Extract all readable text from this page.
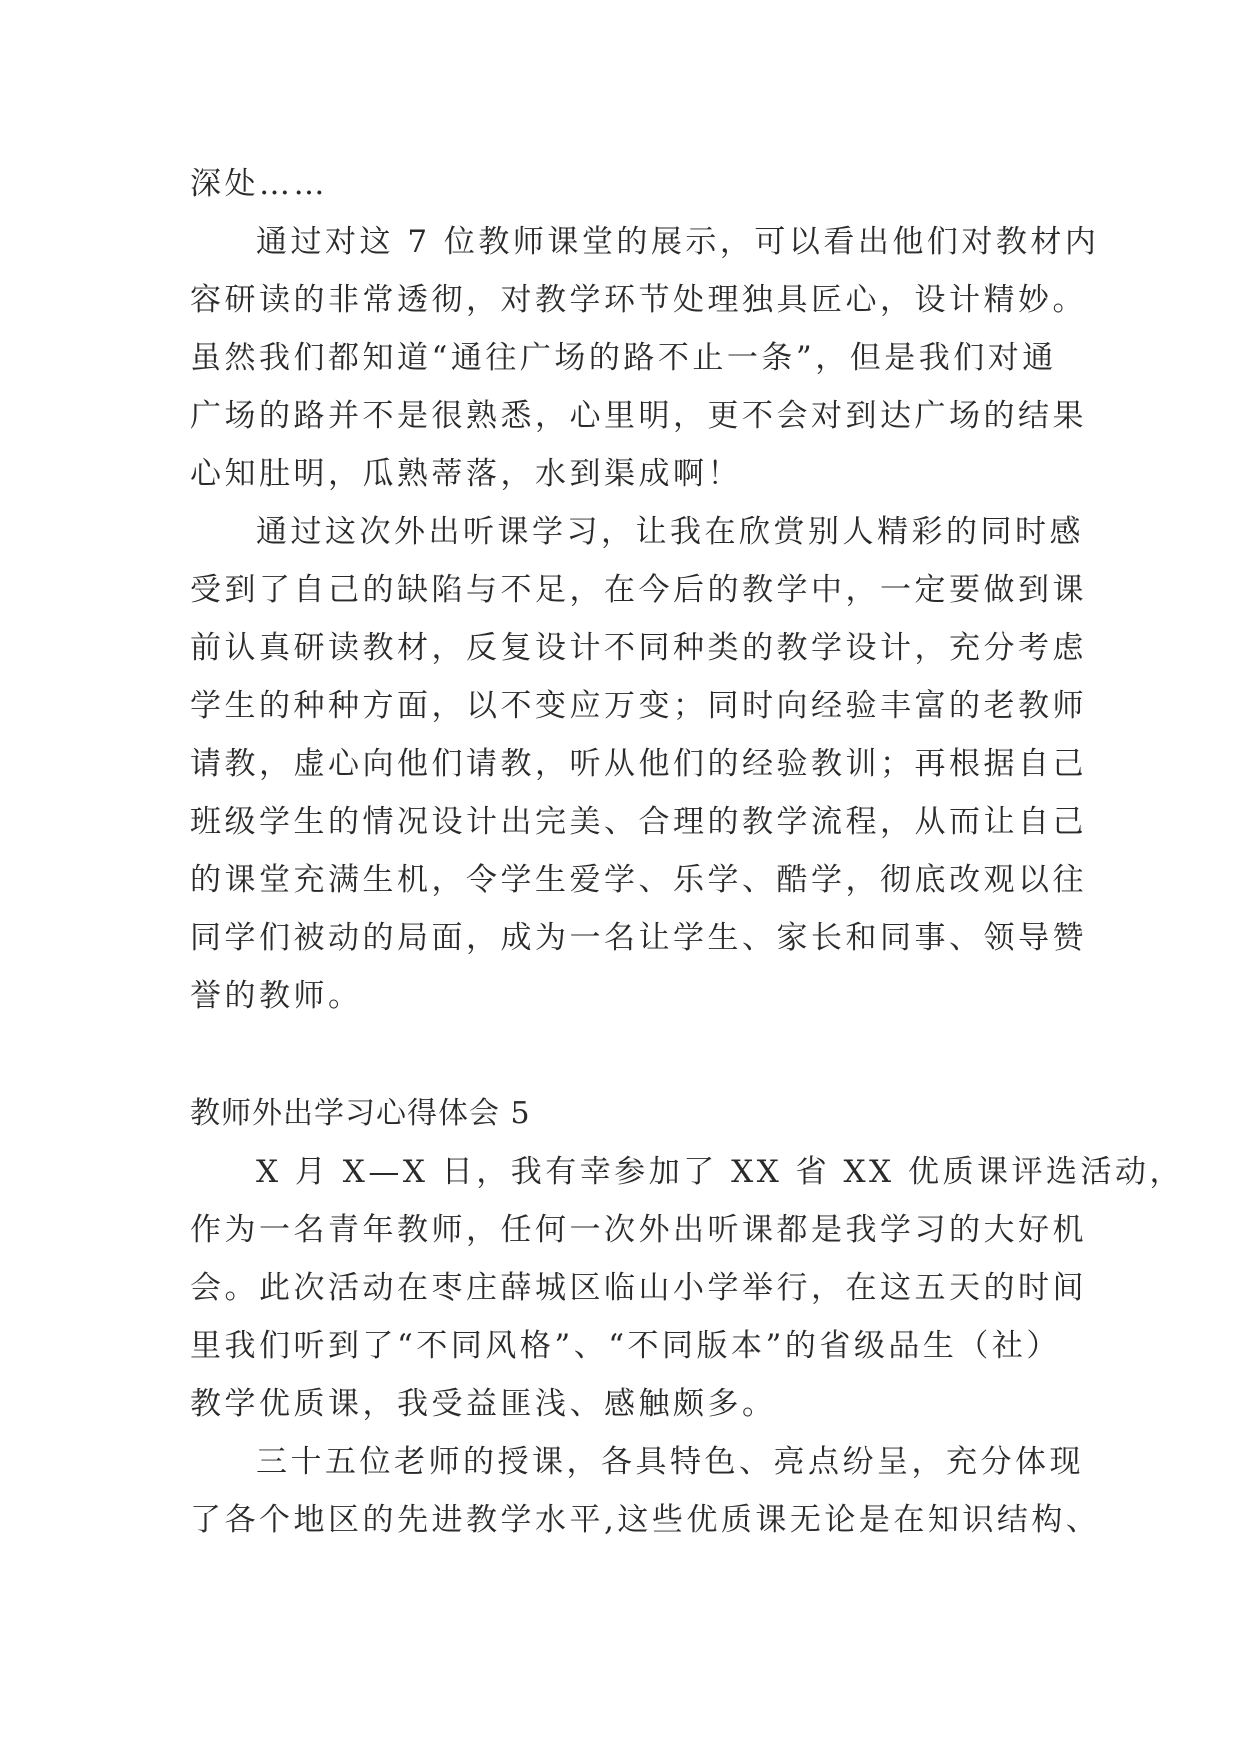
深处……
通过对这 7 位教师课堂的展示，可以看出他们对教材内
容研读的非常透彻，对教学环节处理独具匠心，设计精妙。
虽然我们都知道“通往广场的路不止一条”，但是我们对通
广场的路并不是很熟悉，心里明，更不会对到达广场的结果
心知肚明，瓜熟蒂落，水到渠成啊！
通过这次外出听课学习，让我在欣赏别人精彩的同时感
受到了自己的缺陷与不足，在今后的教学中，一定要做到课
前认真研读教材，反复设计不同种类的教学设计，充分考虑
学生的种种方面，以不变应万变；同时向经验丰富的老教师
请教，虚心向他们请教，听从他们的经验教训；再根据自己
班级学生的情况设计出完美、合理的教学流程，从而让自己
的课堂充满生机，令学生爱学、乐学、酷学，彻底改观以往
同学们被动的局面，成为一名让学生、家长和同事、领导赞
誉的教师。
教师外出学习心得体会 5
X 月 X—X 日，我有幸参加了 XX 省 XX 优质课评选活动，
作为一名青年教师，任何一次外出听课都是我学习的大好机
会。此次活动在枣庄薛城区临山小学举行，在这五天的时间
里我们听到了“不同风格”、“不同版本”的省级品生（社）
教学优质课，我受益匪浅、感触颇多。
三十五位老师的授课，各具特色、亮点纷呈，充分体现
了各个地区的先进教学水平,这些优质课无论是在知识结构、
